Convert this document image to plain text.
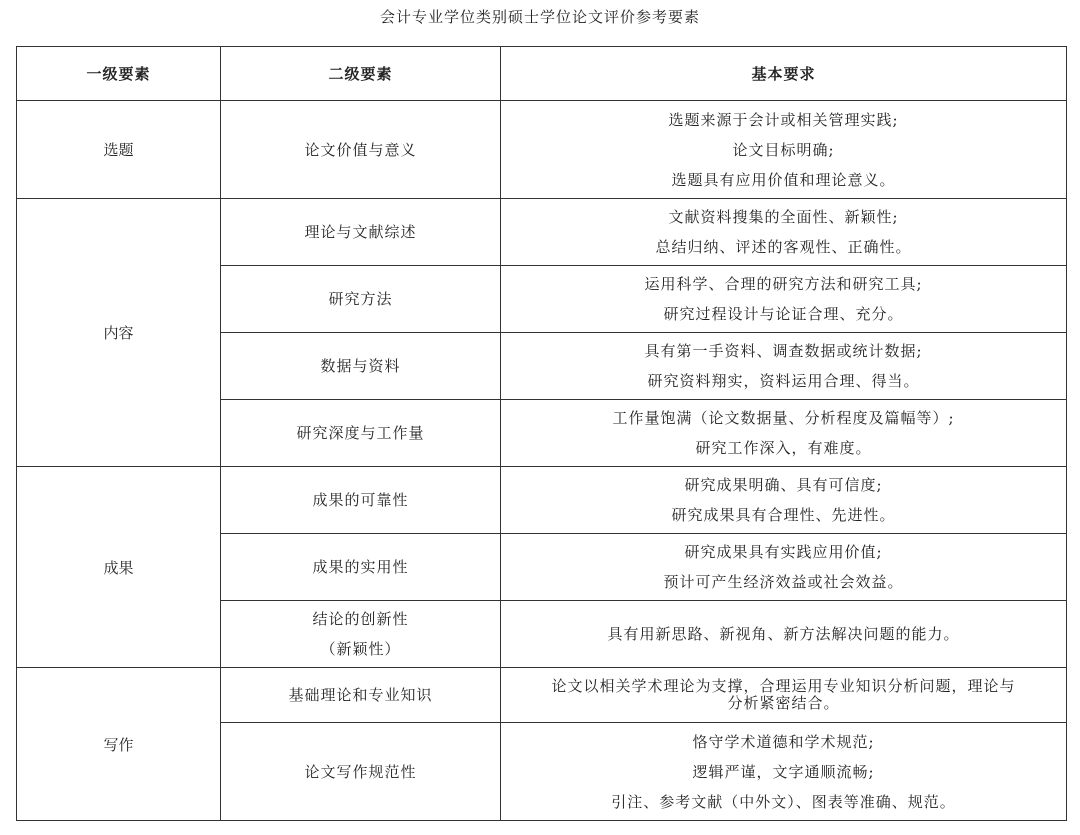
会计专业学位类别硕士学位论文评价参考要素
一级要素	二级要素	基本要求
选题	论文价值与意义	选题来源于会计或相关管理实践;
论文目标明确;
选题具有应用价值和理论意义。

内容	理论与文献综述	文献资料搜集的全面性、新颖性;
总结归纳、评述的客观性、正确性。

	研究方法	运用科学、合理的研究方法和研究工具;
研究过程设计与论证合理、充分。

	数据与资料	具有第一手资料、调查数据或统计数据;
研究资料翔实，资料运用合理、得当。

	研究深度与工作量	工作量饱满（论文数据量、分析程度及篇幅等）;
研究工作深入，有难度。

成果	成果的可靠性	研究成果明确、具有可信度;
研究成果具有合理性、先进性。

	成果的实用性	研究成果具有实践应用价值;
预计可产生经济效益或社会效益。

	结论的创新性
（新颖性）	具有用新思路、新视角、新方法解决问题的能力。

写作	基础理论和专业知识	论文以相关学术理论为支撑，合理运用专业知识分析问题，理论与
分析紧密结合。

	论文写作规范性	恪守学术道德和学术规范;
逻辑严谨，文字通顺流畅;
引注、参考文献（中外文）、图表等准确、规范。
